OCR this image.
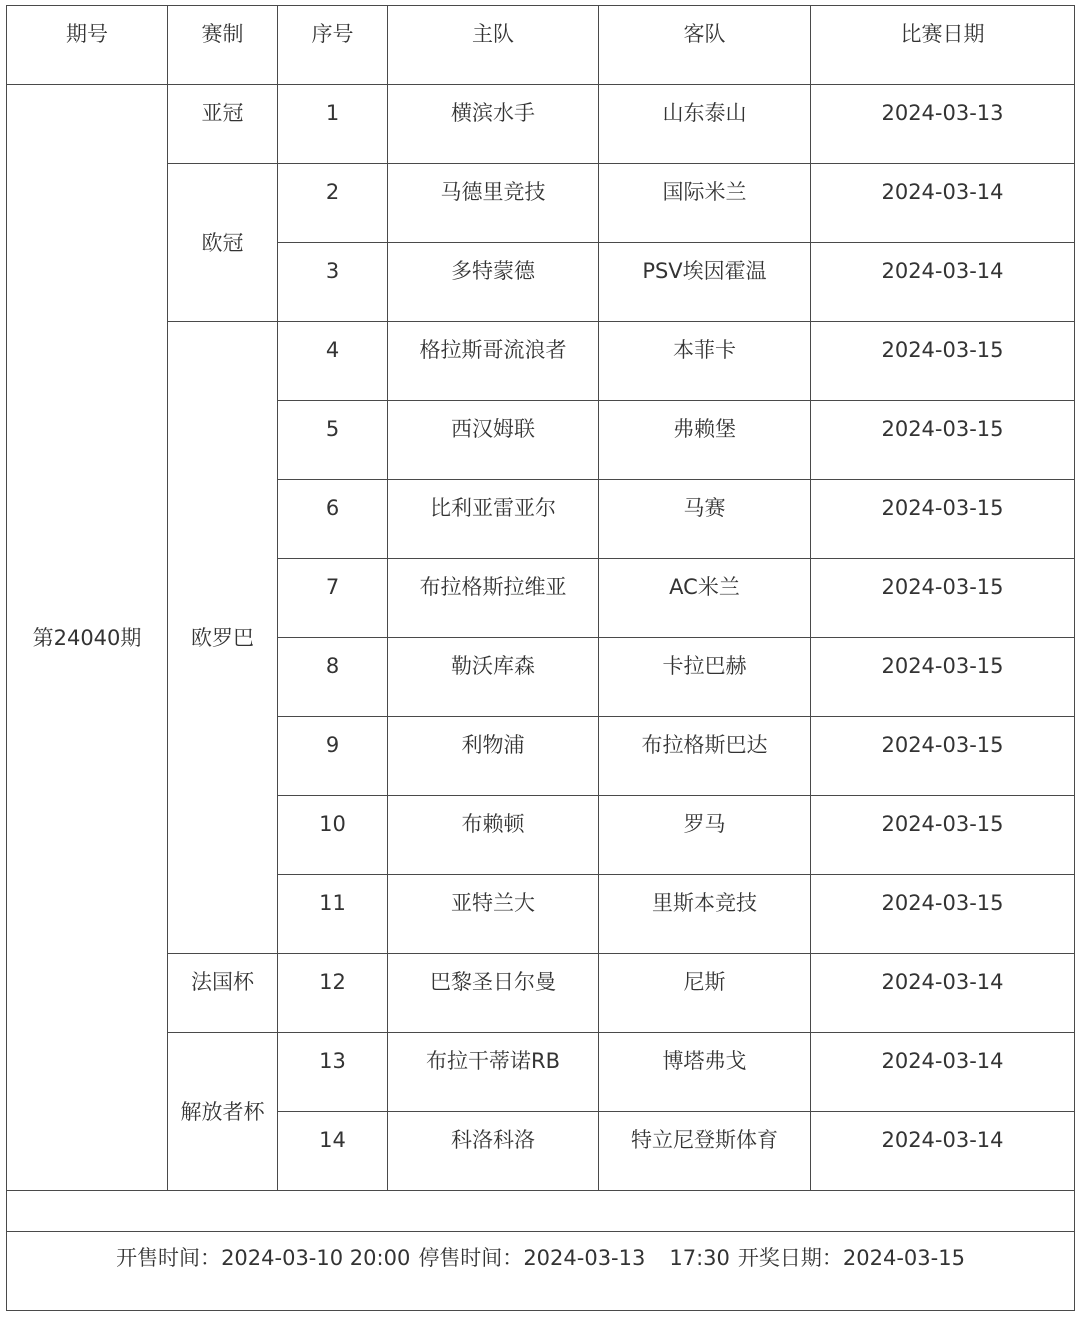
期号	赛制	序号	主队	客队	比赛日期
第24040期	亚冠	1	横滨水手	山东泰山	2024-03-13
	欧冠	2	马德里竞技	国际米兰	2024-03-14
		3	多特蒙德	PSV埃因霍温	2024-03-14
	欧罗巴	4	格拉斯哥流浪者	本菲卡	2024-03-15
		5	西汉姆联	弗赖堡	2024-03-15
		6	比利亚雷亚尔	马赛	2024-03-15
		7	布拉格斯拉维亚	AC米兰	2024-03-15
		8	勒沃库森	卡拉巴赫	2024-03-15
		9	利物浦	布拉格斯巴达	2024-03-15
		10	布赖顿	罗马	2024-03-15
		11	亚特兰大	里斯本竞技	2024-03-15
	法国杯	12	巴黎圣日尔曼	尼斯	2024-03-14
	解放者杯	13	布拉干蒂诺RB	博塔弗戈	2024-03-14
		14	科洛科洛	特立尼登斯体育	2024-03-14

开售时间：2024-03-10 20:00 停售时间：2024-03-13 17:30 开奖日期：2024-03-15					
